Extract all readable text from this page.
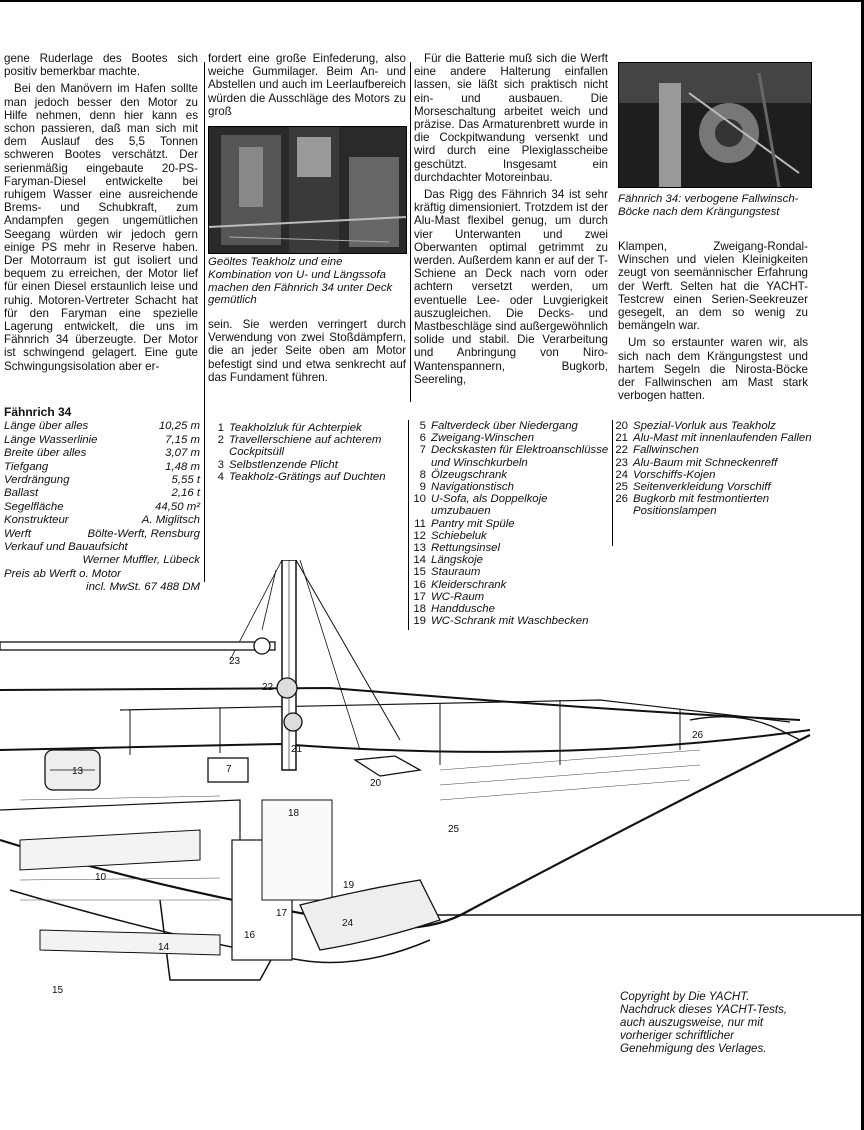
gene Ruderlage des Bootes sich positiv bemerkbar machte.

Bei den Manövern im Hafen sollte man jedoch besser den Motor zu Hilfe nehmen, denn hier kann es schon passieren, daß man sich mit dem Auslauf des 5,5 Tonnen schweren Bootes verschätzt. Der serienmäßig eingebaute 20-PS-Faryman-Diesel entwickelte bei ruhigem Wasser eine ausreichende Brems- und Schubkraft, zum Andampfen gegen ungemütlichen Seegang würden wir jedoch gern einige PS mehr in Reserve haben. Der Motorraum ist gut isoliert und bequem zu erreichen, der Motor lief für einen Diesel erstaunlich leise und ruhig. Motoren-Vertreter Schacht hat für den Faryman eine spezielle Lagerung entwickelt, die uns im Fähnrich 34 überzeugte. Der Motor ist schwingend gelagert. Eine gute Schwingungsisolation aber er-

fordert eine große Einfederung, also weiche Gummilager. Beim An- und Abstellen und auch im Leerlaufbereich würden die Ausschläge des Motors zu groß

Geöltes Teakholz und eine Kombination von U- und Längssofa machen den Fähnrich 34 unter Deck gemütlich

sein. Sie werden verringert durch Verwendung von zwei Stoßdämpfern, die an jeder Seite oben am Motor befestigt sind und etwa senkrecht auf das Fundament führen.

Für die Batterie muß sich die Werft eine andere Halterung einfallen lassen, sie läßt sich praktisch nicht ein- und ausbauen. Die Morseschaltung arbeitet weich und präzise. Das Armaturenbrett wurde in die Cockpitwandung versenkt und wird durch eine Plexiglasscheibe geschützt. Insgesamt ein durchdachter Motoreinbau.

Das Rigg des Fähnrich 34 ist sehr kräftig dimensioniert. Trotzdem ist der Alu-Mast flexibel genug, um durch vier Unterwanten und zwei Oberwanten optimal getrimmt zu werden. Außerdem kann er auf der T-Schiene an Deck nach vorn oder achtern versetzt werden, um eventuelle Lee- oder Luvgierigkeit auszugleichen. Die Decks- und Mastbeschläge sind außergewöhnlich solide und stabil. Die Verarbeitung und Anbringung von Niro-Wantenspannern, Bugkorb, Seereling,

Fähnrich 34: verbogene Fallwinsch-Böcke nach dem Krängungstest

Klampen, Zweigang-Rondal-Winschen und vielen Kleinigkeiten zeugt von seemännischer Erfahrung der Werft. Selten hat die YACHT-Testcrew einen Serien-Seekreuzer gesegelt, an dem so wenig zu bemängeln war.

Um so erstaunter waren wir, als sich nach dem Krängungstest und hartem Segeln die Nirosta-Böcke der Fallwinschen am Mast stark verbogen hatten.

Fähnrich 34
Länge über alles	10,25 m
Länge Wasserlinie	7,15 m
Breite über alles	3,07 m
Tiefgang	1,48 m
Verdrängung	5,55 t
Ballast	2,16 t
Segelfläche	44,50 m²
Konstrukteur	A. Miglitsch
Werft	Bölte-Werft, Rensburg
Verkauf und Bauaufsicht
Werner Muffler, Lübeck
Preis ab Werft o. Motor
incl. MwSt. 67 488 DM
1 Teakholzluk für Achterpiek
2 Travellerschiene auf achterem Cockpitsüll
3 Selbstlenzende Plicht
4 Teakholz-Grätings auf Duchten
5 Faltverdeck über Niedergang
6 Zweigang-Winschen
7 Deckskasten für Elektroanschlüsse und Winschkurbeln
8 Ölzeugschrank
9 Navigationstisch
10 U-Sofa, als Doppelkoje umzubauen
11 Pantry mit Spüle
12 Schiebeluk
13 Rettungsinsel
14 Längskoje
15 Stauraum
16 Kleiderschrank
17 WC-Raum
18 Handdusche
19 WC-Schrank mit Waschbecken
20 Spezial-Vorluk aus Teakholz
21 Alu-Mast mit innenlaufenden Fallen
22 Fallwinschen
23 Alu-Baum mit Schneckenreff
24 Vorschiffs-Kojen
25 Seitenverkleidung Vorschiff
26 Bugkorb mit festmontierten Positionslampen
23
22
21
13	7
20
26
18
25
10
19
17
24
16
14
15	Copyright by Die YACHT.
Nachdruck dieses YACHT-Tests,
auch auszugsweise, nur mit
vorheriger schriftlicher
Genehmigung des Verlages.
